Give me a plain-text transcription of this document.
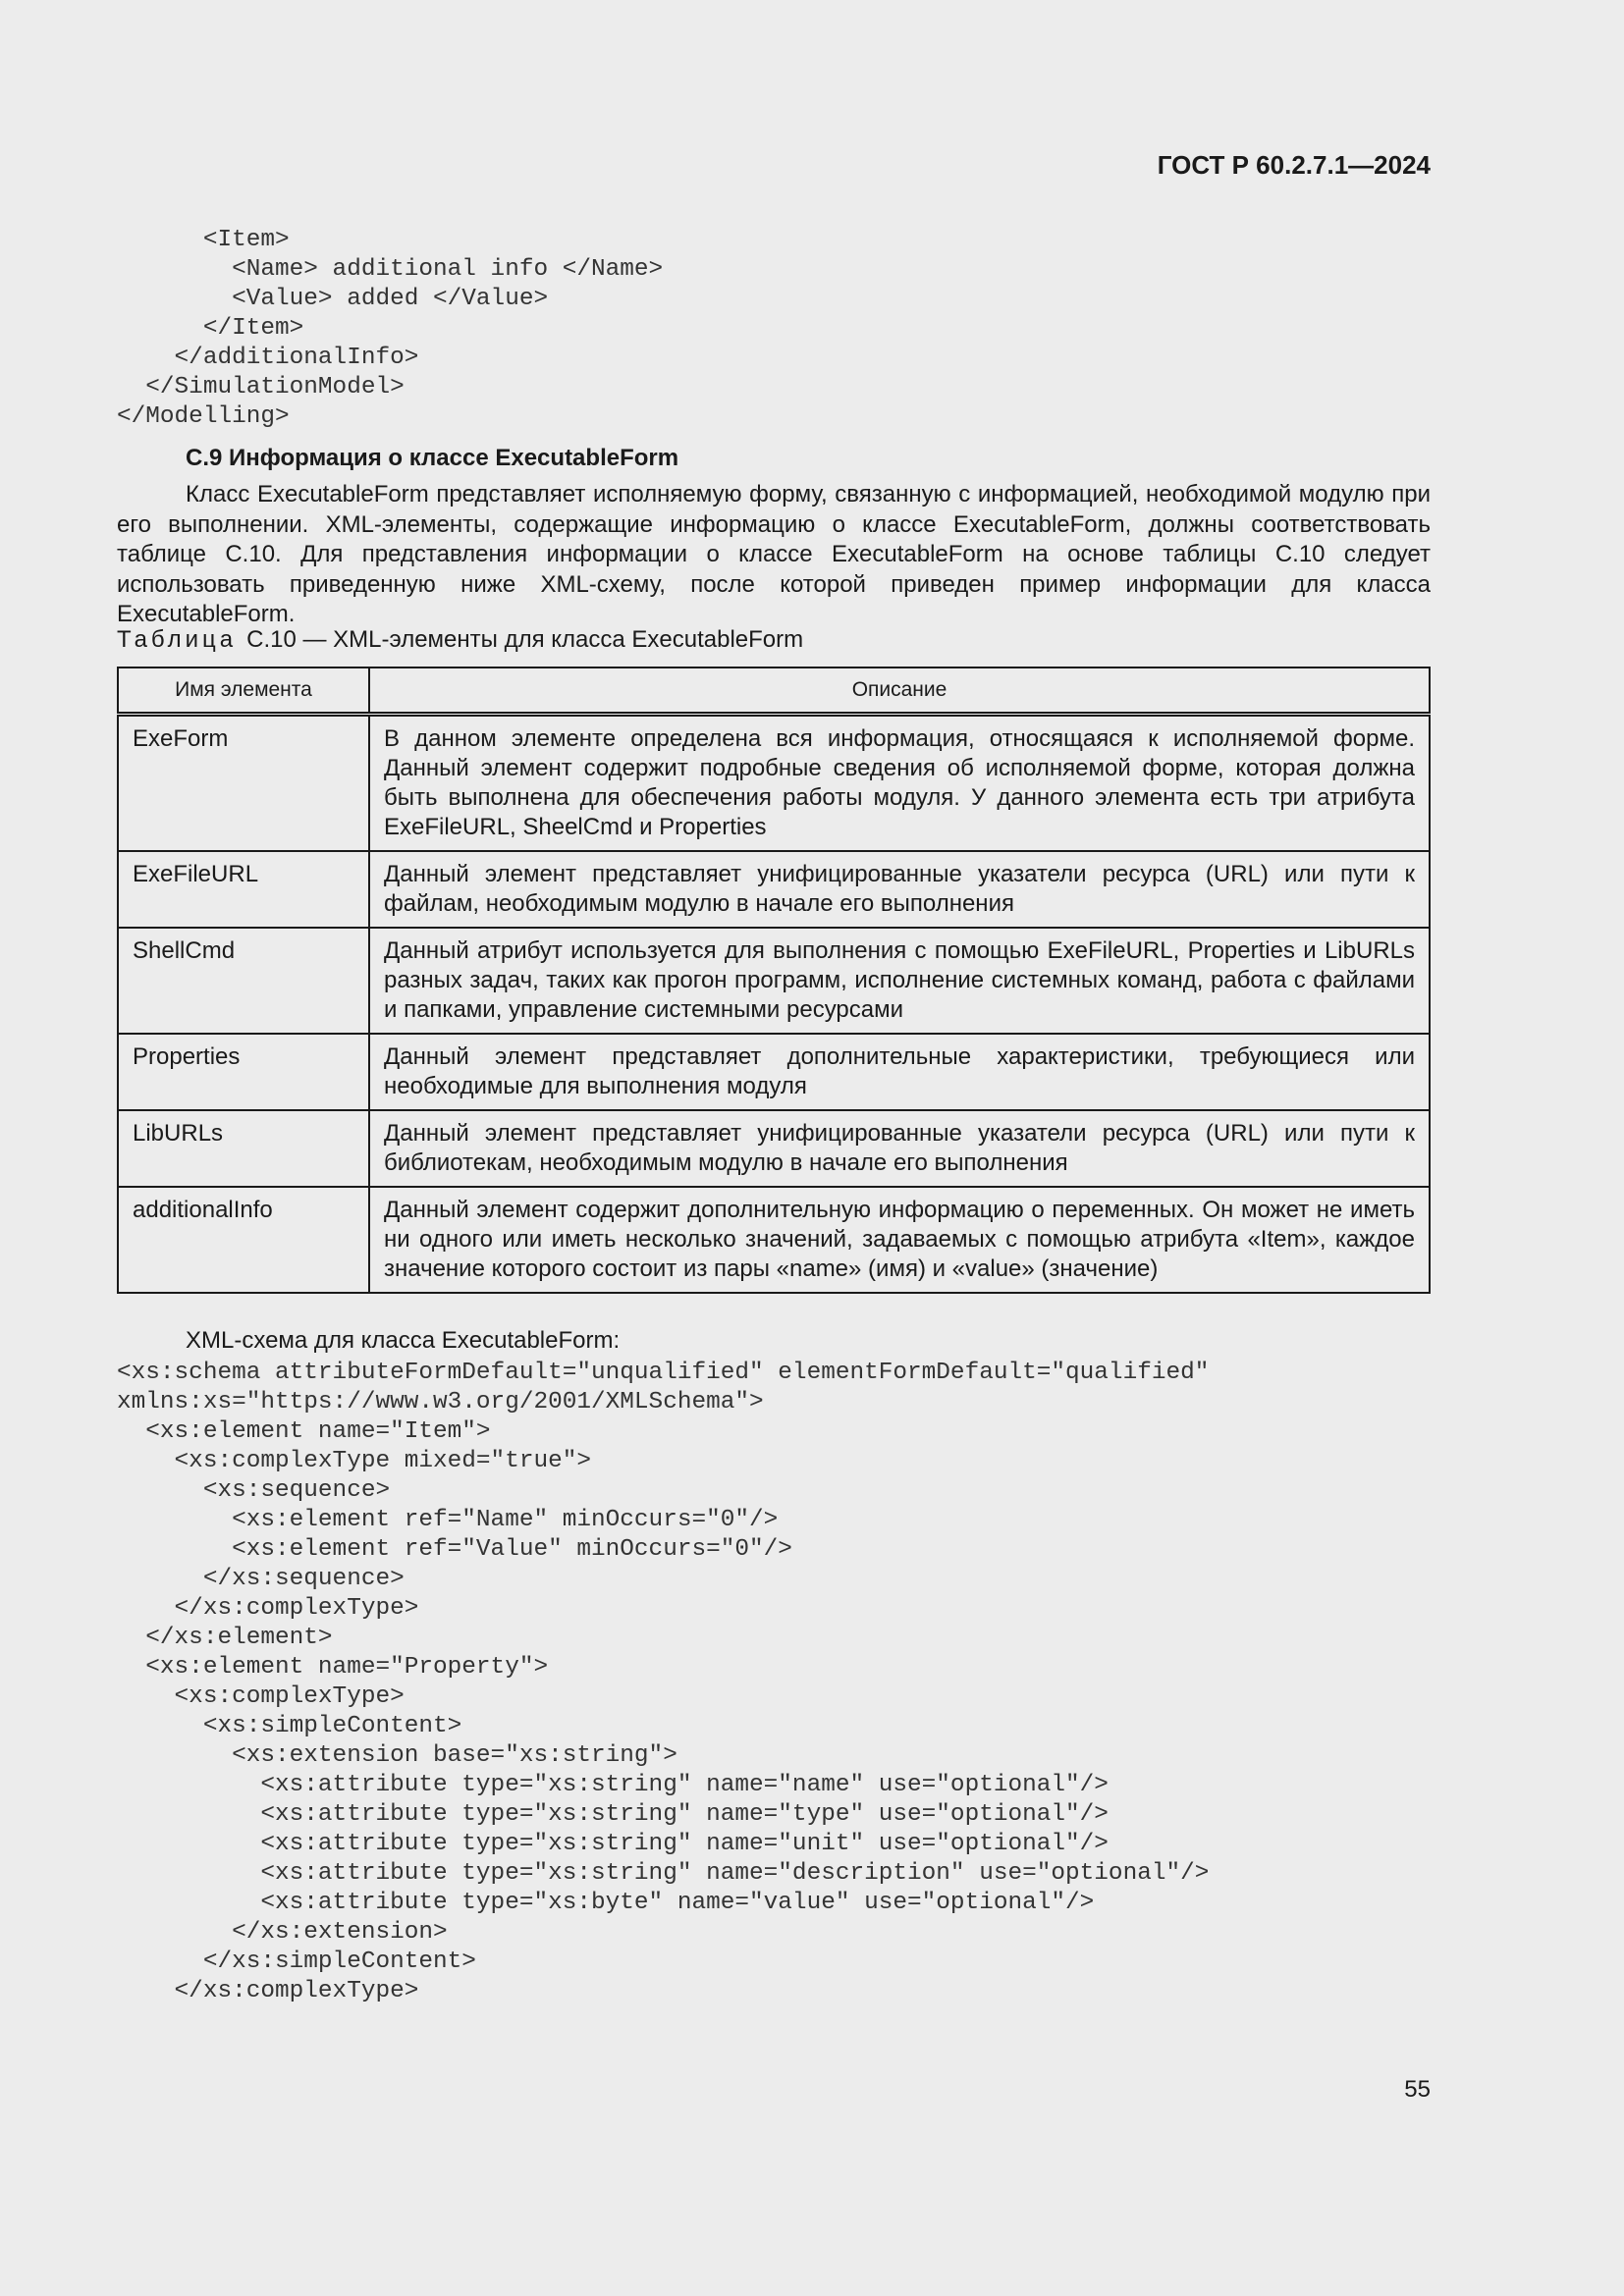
ГОСТ Р 60.2.7.1—2024
<Item>
<Name> additional info </Name>
<Value> added </Value>
</Item>
</additionalInfo>
</SimulationModel>
</Modelling>
С.9 Информация о классе ExecutableForm
Класс ExecutableForm представляет исполняемую форму, связанную с информацией, необходимой модулю при его выполнении. XML-элементы, содержащие информацию о классе ExecutableForm, должны соответствовать таблице С.10. Для представления информации о классе ExecutableForm на основе таблицы С.10 следует использовать приведенную ниже XML-схему, после которой приведен пример информации для класса ExecutableForm.
Таблица С.10 — XML-элементы для класса ExecutableForm
Имя элемента	Описание
ExeForm	В данном элементе определена вся информация, относящаяся к исполняемой форме. Данный элемент содержит подробные сведения об исполняемой форме, которая должна быть выполнена для обеспечения работы модуля. У данного элемента есть три атрибута ExeFileURL, SheelCmd и Properties
ExeFileURL	Данный элемент представляет унифицированные указатели ресурса (URL) или пути к файлам, необходимым модулю в начале его выполнения
ShellCmd	Данный атрибут используется для выполнения с помощью ExeFileURL, Properties и LibURLs разных задач, таких как прогон программ, исполнение системных команд, работа с файлами и папками, управление системными ресурсами
Properties	Данный элемент представляет дополнительные характеристики, требующиеся или необходимые для выполнения модуля
LibURLs	Данный элемент представляет унифицированные указатели ресурса (URL) или пути к библиотекам, необходимым модулю в начале его выполнения
additionalInfo	Данный элемент содержит дополнительную информацию о переменных. Он может не иметь ни одного или иметь несколько значений, задаваемых с помощью атрибута «Item», каждое значение которого состоит из пары «name» (имя) и «value» (значение)
XML-схема для класса ExecutableForm:
<xs:schema attributeFormDefault="unqualified" elementFormDefault="qualified"
xmlns:xs="https://www.w3.org/2001/XMLSchema">
<xs:element name="Item">
<xs:complexType mixed="true">
<xs:sequence>
<xs:element ref="Name" minOccurs="0"/>
<xs:element ref="Value" minOccurs="0"/>
</xs:sequence>
</xs:complexType>
</xs:element>
<xs:element name="Property">
<xs:complexType>
<xs:simpleContent>
<xs:extension base="xs:string">
<xs:attribute type="xs:string" name="name" use="optional"/>
<xs:attribute type="xs:string" name="type" use="optional"/>
<xs:attribute type="xs:string" name="unit" use="optional"/>
<xs:attribute type="xs:string" name="description" use="optional"/>
<xs:attribute type="xs:byte" name="value" use="optional"/>
</xs:extension>
</xs:simpleContent>
</xs:complexType>
55
